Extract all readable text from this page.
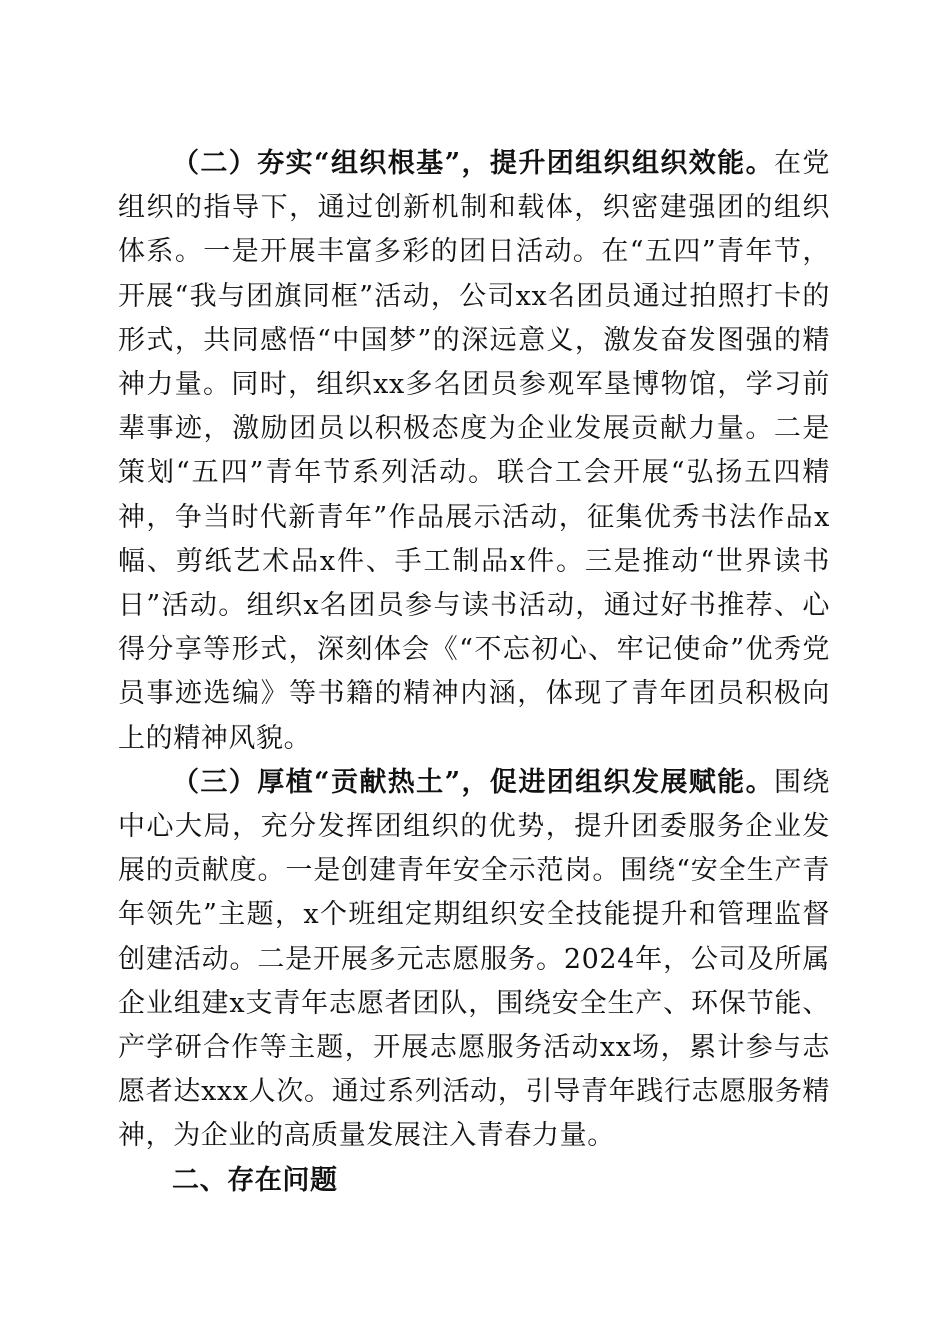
（二）夯实“组织根基”，提升团组织组织效能。在党组织的指导下，通过创新机制和载体，织密建强团的组织体系。一是开展丰富多彩的团日活动。在“五四”青年节，开展“我与团旗同框”活动，公司xx名团员通过拍照打卡的形式，共同感悟“中国梦”的深远意义，激发奋发图强的精神力量。同时，组织xx多名团员参观军垦博物馆，学习前辈事迹，激励团员以积极态度为企业发展贡献力量。二是策划“五四”青年节系列活动。联合工会开展“弘扬五四精神，争当时代新青年”作品展示活动，征集优秀书法作品x幅、剪纸艺术品x件、手工制品x件。三是推动“世界读书日”活动。组织x名团员参与读书活动，通过好书推荐、心得分享等形式，深刻体会《“不忘初心、牢记使命”优秀党员事迹选编》等书籍的精神内涵，体现了青年团员积极向上的精神风貌。

（三）厚植“贡献热土”，促进团组织发展赋能。围绕中心大局，充分发挥团组织的优势，提升团委服务企业发展的贡献度。一是创建青年安全示范岗。围绕“安全生产青年领先”主题，x个班组定期组织安全技能提升和管理监督创建活动。二是开展多元志愿服务。2024年，公司及所属企业组建x支青年志愿者团队，围绕安全生产、环保节能、产学研合作等主题，开展志愿服务活动xx场，累计参与志愿者达xxx人次。通过系列活动，引导青年践行志愿服务精神，为企业的高质量发展注入青春力量。

二、存在问题
